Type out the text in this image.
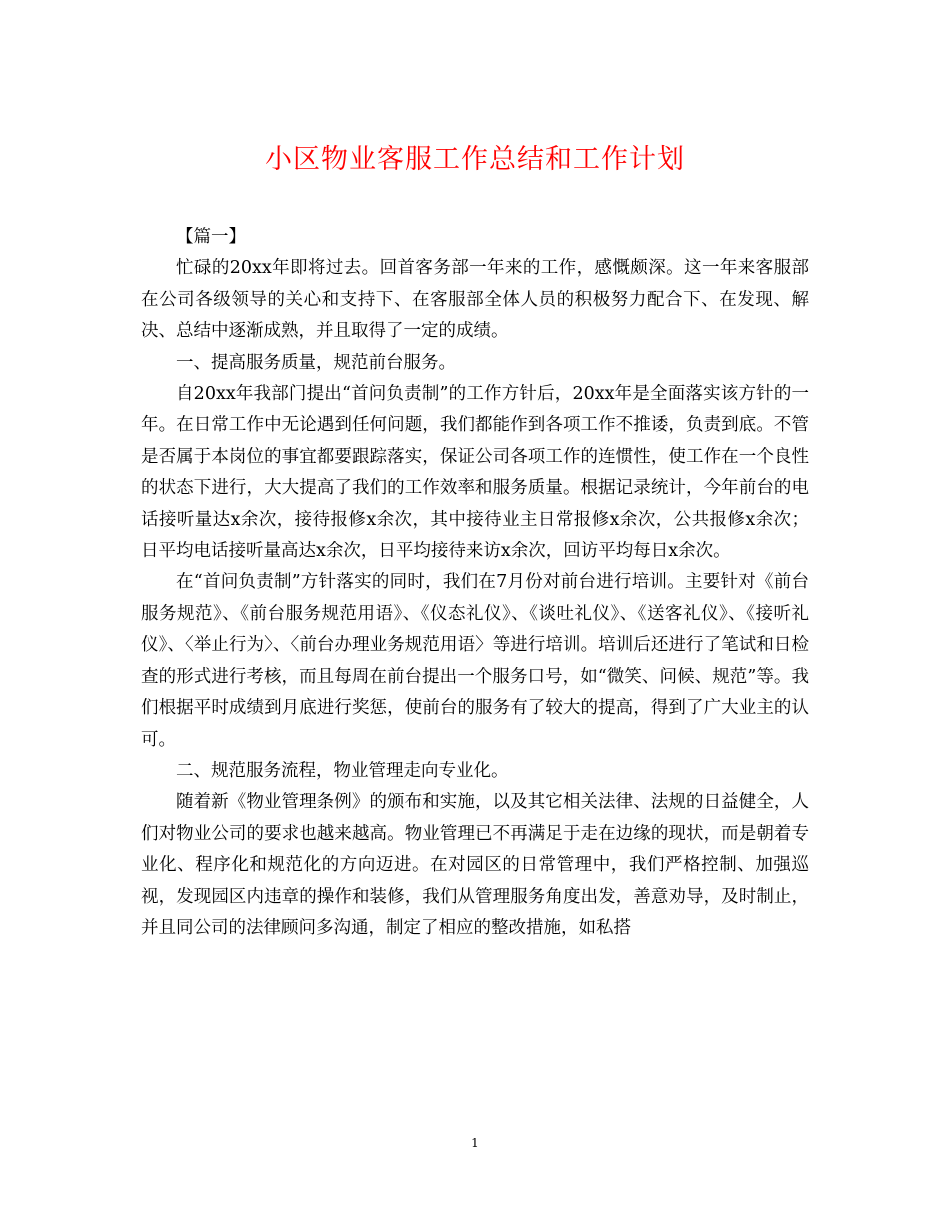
小区物业客服工作总结和工作计划

【篇一】

忙碌的20xx年即将过去。回首客务部一年来的工作，感慨颇深。这一年来客服部在公司各级领导的关心和支持下、在客服部全体人员的积极努力配合下、在发现、解决、总结中逐渐成熟，并且取得了一定的成绩。

一、提高服务质量，规范前台服务。

自20xx年我部门提出“首问负责制”的工作方针后，20xx年是全面落实该方针的一年。在日常工作中无论遇到任何问题，我们都能作到各项工作不推诿，负责到底。不管是否属于本岗位的事宜都要跟踪落实，保证公司各项工作的连惯性，使工作在一个良性的状态下进行，大大提高了我们的工作效率和服务质量。根据记录统计，今年前台的电话接听量达x余次，接待报修x余次，其中接待业主日常报修x余次，公共报修x余次；日平均电话接听量高达x余次，日平均接待来访x余次，回访平均每日x余次。

在“首问负责制”方针落实的同时，我们在7月份对前台进行培训。主要针对《前台服务规范》、《前台服务规范用语》、《仪态礼仪》、《谈吐礼仪》、《送客礼仪》、《接听礼仪》、〈举止行为〉、〈前台办理业务规范用语〉等进行培训。培训后还进行了笔试和日检查的形式进行考核，而且每周在前台提出一个服务口号，如“微笑、问候、规范”等。我们根据平时成绩到月底进行奖惩，使前台的服务有了较大的提高，得到了广大业主的认可。

二、规范服务流程，物业管理走向专业化。

随着新《物业管理条例》的颁布和实施，以及其它相关法律、法规的日益健全，人们对物业公司的要求也越来越高。物业管理已不再满足于走在边缘的现状，而是朝着专业化、程序化和规范化的方向迈进。在对园区的日常管理中，我们严格控制、加强巡视，发现园区内违章的操作和装修，我们从管理服务角度出发，善意劝导，及时制止，并且同公司的法律顾问多沟通，制定了相应的整改措施，如私搭

1
